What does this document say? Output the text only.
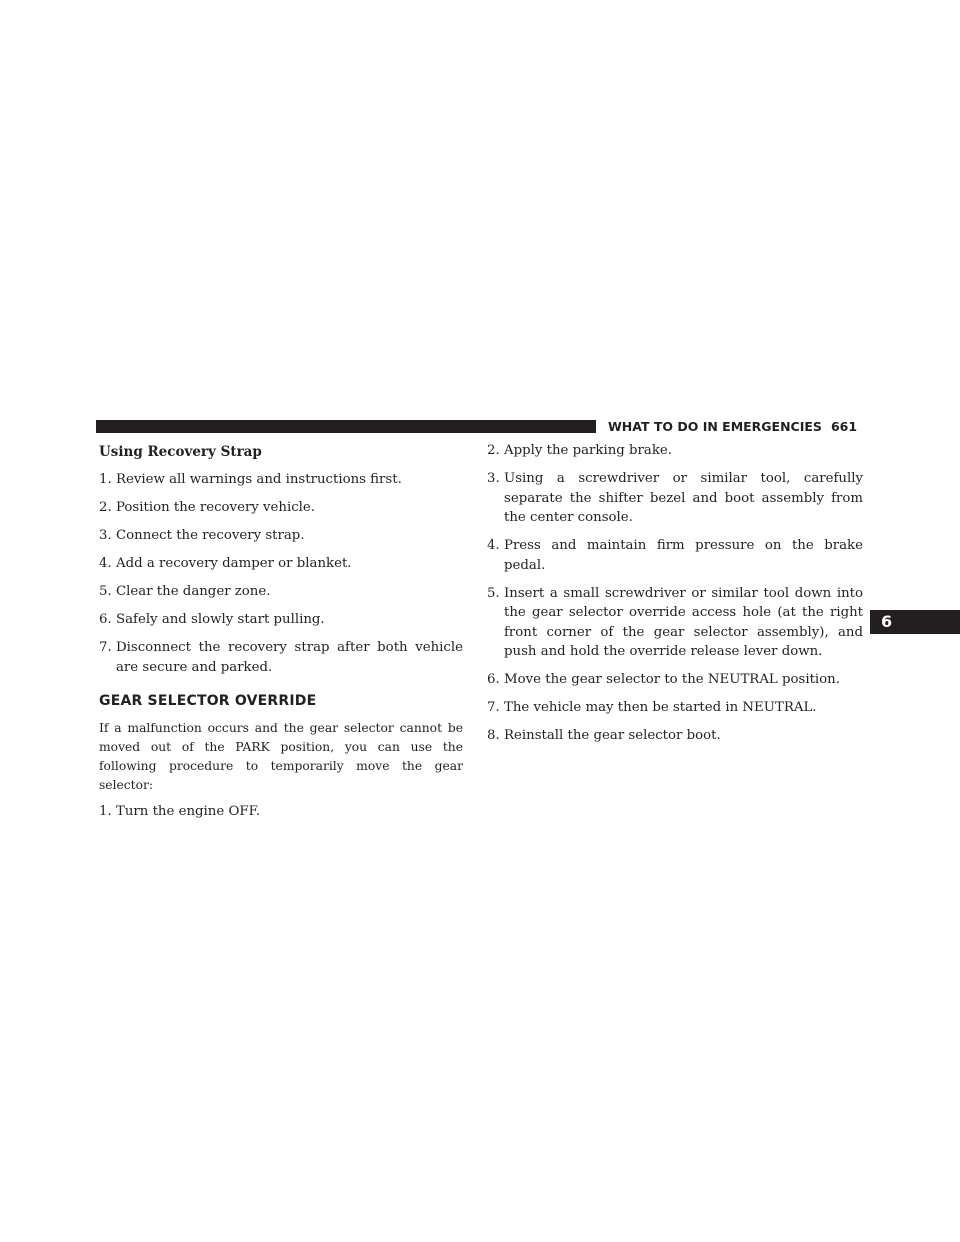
WHAT TO DO IN EMERGENCIES 661
6
Using Recovery Strap
1. Review all warnings and instructions first.
2. Position the recovery vehicle.
3. Connect the recovery strap.
4. Add a recovery damper or blanket.
5. Clear the danger zone.
6. Safely and slowly start pulling.
7. Disconnect the recovery strap after both vehicle are secure and parked.
GEAR SELECTOR OVERRIDE

If a malfunction occurs and the gear selector cannot be moved out of the PARK position, you can use the following procedure to temporarily move the gear selector:

1. Turn the engine OFF.
2. Apply the parking brake.
3. Using a screwdriver or similar tool, carefully separate the shifter bezel and boot assembly from the center console.
4. Press and maintain firm pressure on the brake pedal.
5. Insert a small screwdriver or similar tool down into the gear selector override access hole (at the right front corner of the gear selector assembly), and push and hold the override release lever down.
6. Move the gear selector to the NEUTRAL position.
7. The vehicle may then be started in NEUTRAL.
8. Reinstall the gear selector boot.
